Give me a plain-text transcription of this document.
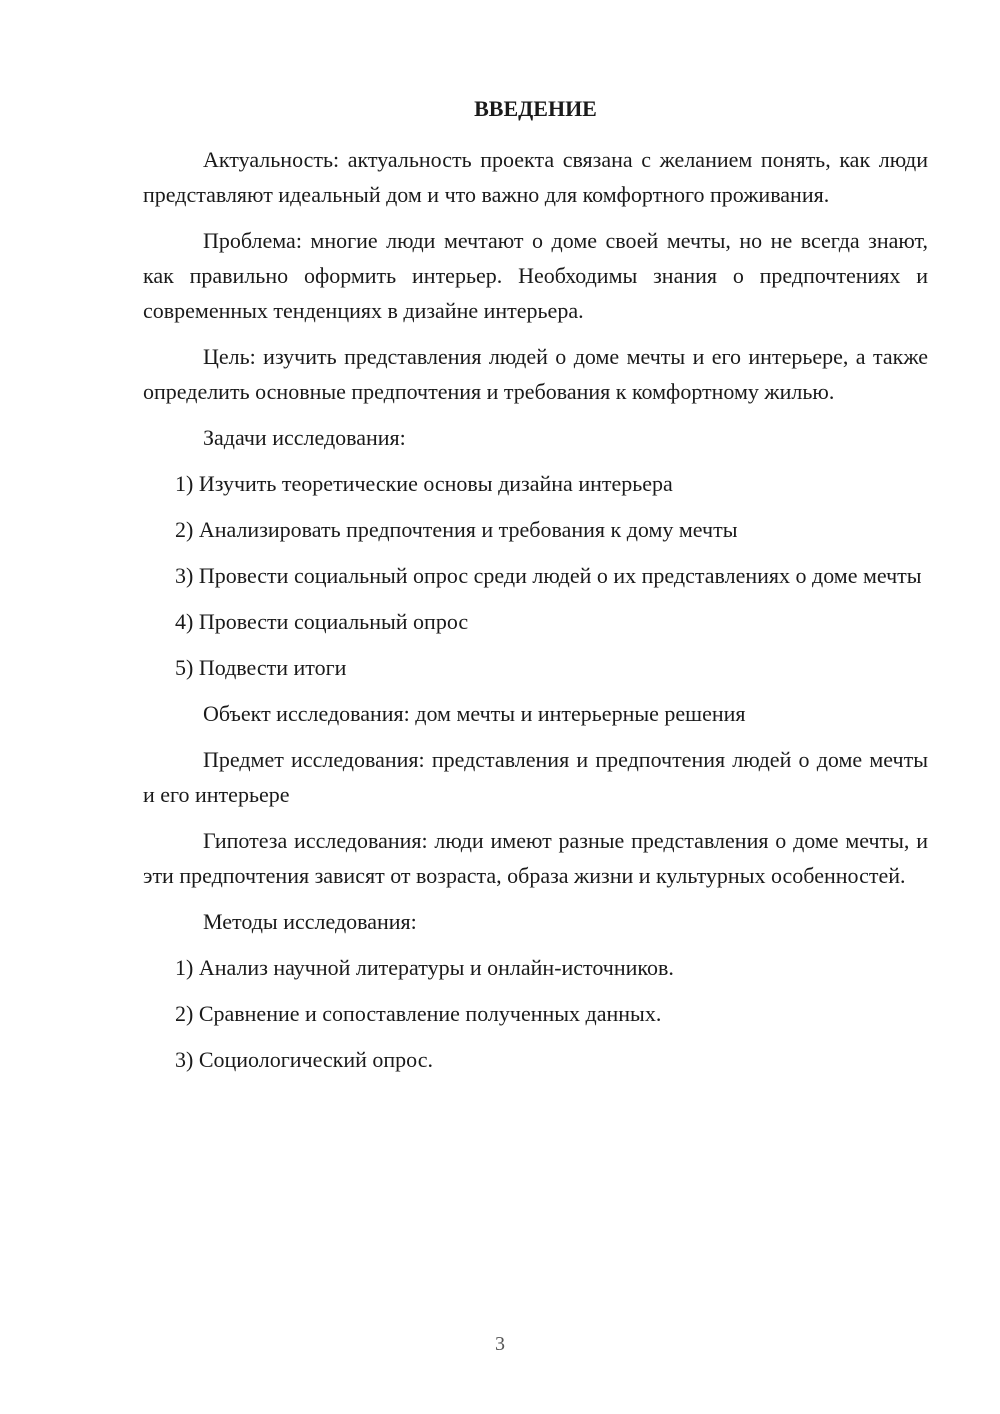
ВВЕДЕНИЕ

Актуальность: актуальность проекта связана с желанием понять, как люди представляют идеальный дом и что важно для комфортного проживания.

Проблема: многие люди мечтают о доме своей мечты, но не всегда знают, как правильно оформить интерьер. Необходимы знания о предпочтениях и современных тенденциях в дизайне интерьера.

Цель: изучить представления людей о доме мечты и его интерьере, а также определить основные предпочтения и требования к комфортному жилью.

Задачи исследования:

1) Изучить теоретические основы дизайна интерьера

2) Анализировать предпочтения и требования к дому мечты

3) Провести социальный опрос среди людей о их представлениях о доме мечты

4) Провести социальный опрос

5) Подвести итоги

Объект исследования: дом мечты и интерьерные решения

Предмет исследования: представления и предпочтения людей о доме мечты и его интерьере

Гипотеза исследования: люди имеют разные представления о доме мечты, и эти предпочтения зависят от возраста, образа жизни и культурных особенностей.

Методы исследования:

1) Анализ научной литературы и онлайн-источников.

2) Сравнение и сопоставление полученных данных.

3) Социологический опрос.

3
